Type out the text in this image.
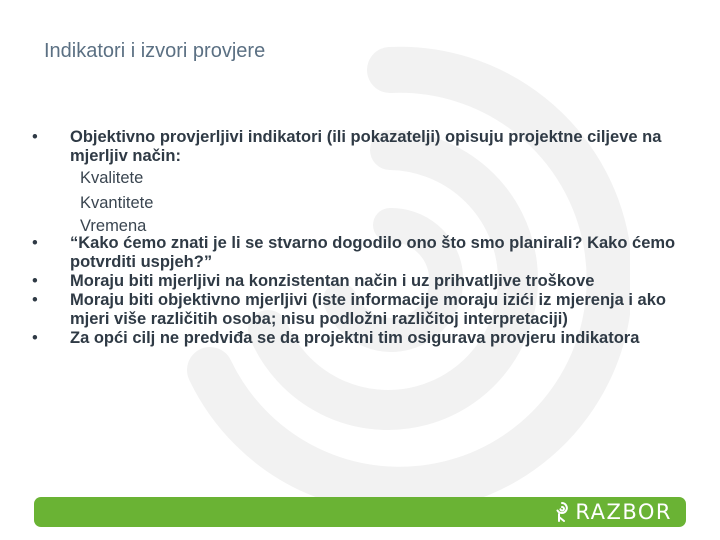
Indikatori i izvori provjere
•	Objektivno provjerljivi indikatori (ili pokazatelji) opisuju projektne ciljeve na mjerljiv način:
Kvalitete
Kvantitete
Vremena
•	“Kako ćemo znati je li se stvarno dogodilo ono što smo planirali? Kako ćemo potvrditi uspjeh?”
•	Moraju biti mjerljivi na konzistentan način i uz prihvatljive troškove
•	Moraju biti objektivno mjerljivi (iste informacije moraju izići iz mjerenja i ako mjeri više različitih osoba; nisu podložni različitoj interpretaciji)
•	Za opći cilj ne predviđa se da projektni tim osigurava provjeru indikatora
RAZBOR
